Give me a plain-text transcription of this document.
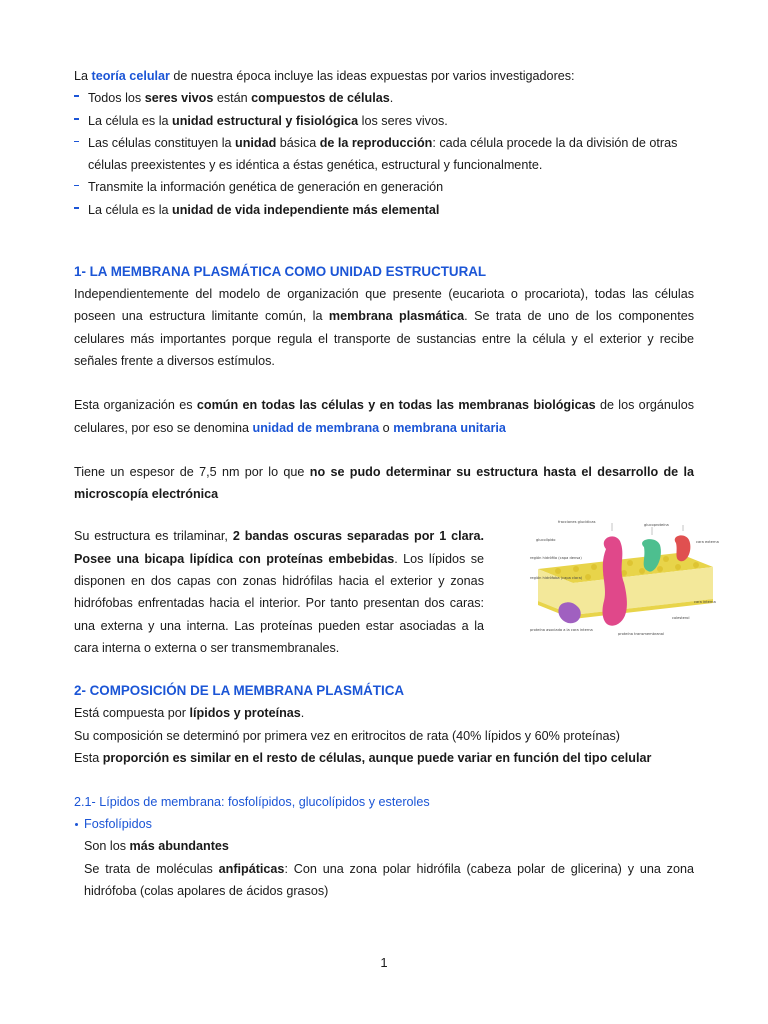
La teoría celular de nuestra época incluye las ideas expuestas por varios investigadores:
Todos los seres vivos están compuestos de células.
La célula es la unidad estructural y fisiológica los seres vivos.
Las células constituyen la unidad básica de la reproducción: cada célula procede la da división de otras
células preexistentes y es idéntica a éstas genética, estructural y funcionalmente.
Transmite la información genética de generación en generación
La célula es la unidad de vida independiente más elemental
1- LA MEMBRANA PLASMÁTICA COMO UNIDAD ESTRUCTURAL
Independientemente del modelo de organización que presente (eucariota o procariota), todas las células poseen una estructura limitante común, la membrana plasmática. Se trata de uno de los componentes celulares más importantes porque regula el transporte de sustancias entre la célula y el exterior y recibe señales frente a diversos estímulos.
Esta organización es común en todas las células y en todas las membranas biológicas de los orgánulos celulares, por eso se denomina unidad de membrana o membrana unitaria
Tiene un espesor de 7,5 nm por lo que no se pudo determinar su estructura hasta el desarrollo de la microscopía electrónica
Su estructura es trilaminar, 2 bandas oscuras separadas por 1 clara. Posee una bicapa lipídica con proteínas embebidas. Los lípidos se disponen en dos capas con zonas hidrófilas hacia el exterior y zonas hidrófobas enfrentadas hacia el interior. Por tanto presentan dos caras: una externa y una interna. Las proteínas pueden estar asociadas a la cara interna o externa o ser transmembranales.
fracciones glucídicas
glucoproteína
glucolípido	cara externa
región hidrófila (capa densa)
región hidrófoba (capa clara)
cara interna
proteína asociada a la cara interna
proteína transmembranal
colesterol
2- COMPOSICIÓN DE LA MEMBRANA PLASMÁTICA
Está compuesta por lípidos y proteínas.
Su composición se determinó por primera vez en eritrocitos de rata (40% lípidos y 60% proteínas)
Esta proporción es similar en el resto de células, aunque puede variar en función del tipo celular
2.1- Lípidos de membrana: fosfolípidos, glucolípidos y esteroles
Fosfolípidos
Son los más abundantes
Se trata de moléculas anfipáticas: Con una zona polar hidrófila (cabeza polar de glicerina) y una zona hidrófoba (colas apolares de ácidos grasos)
1
